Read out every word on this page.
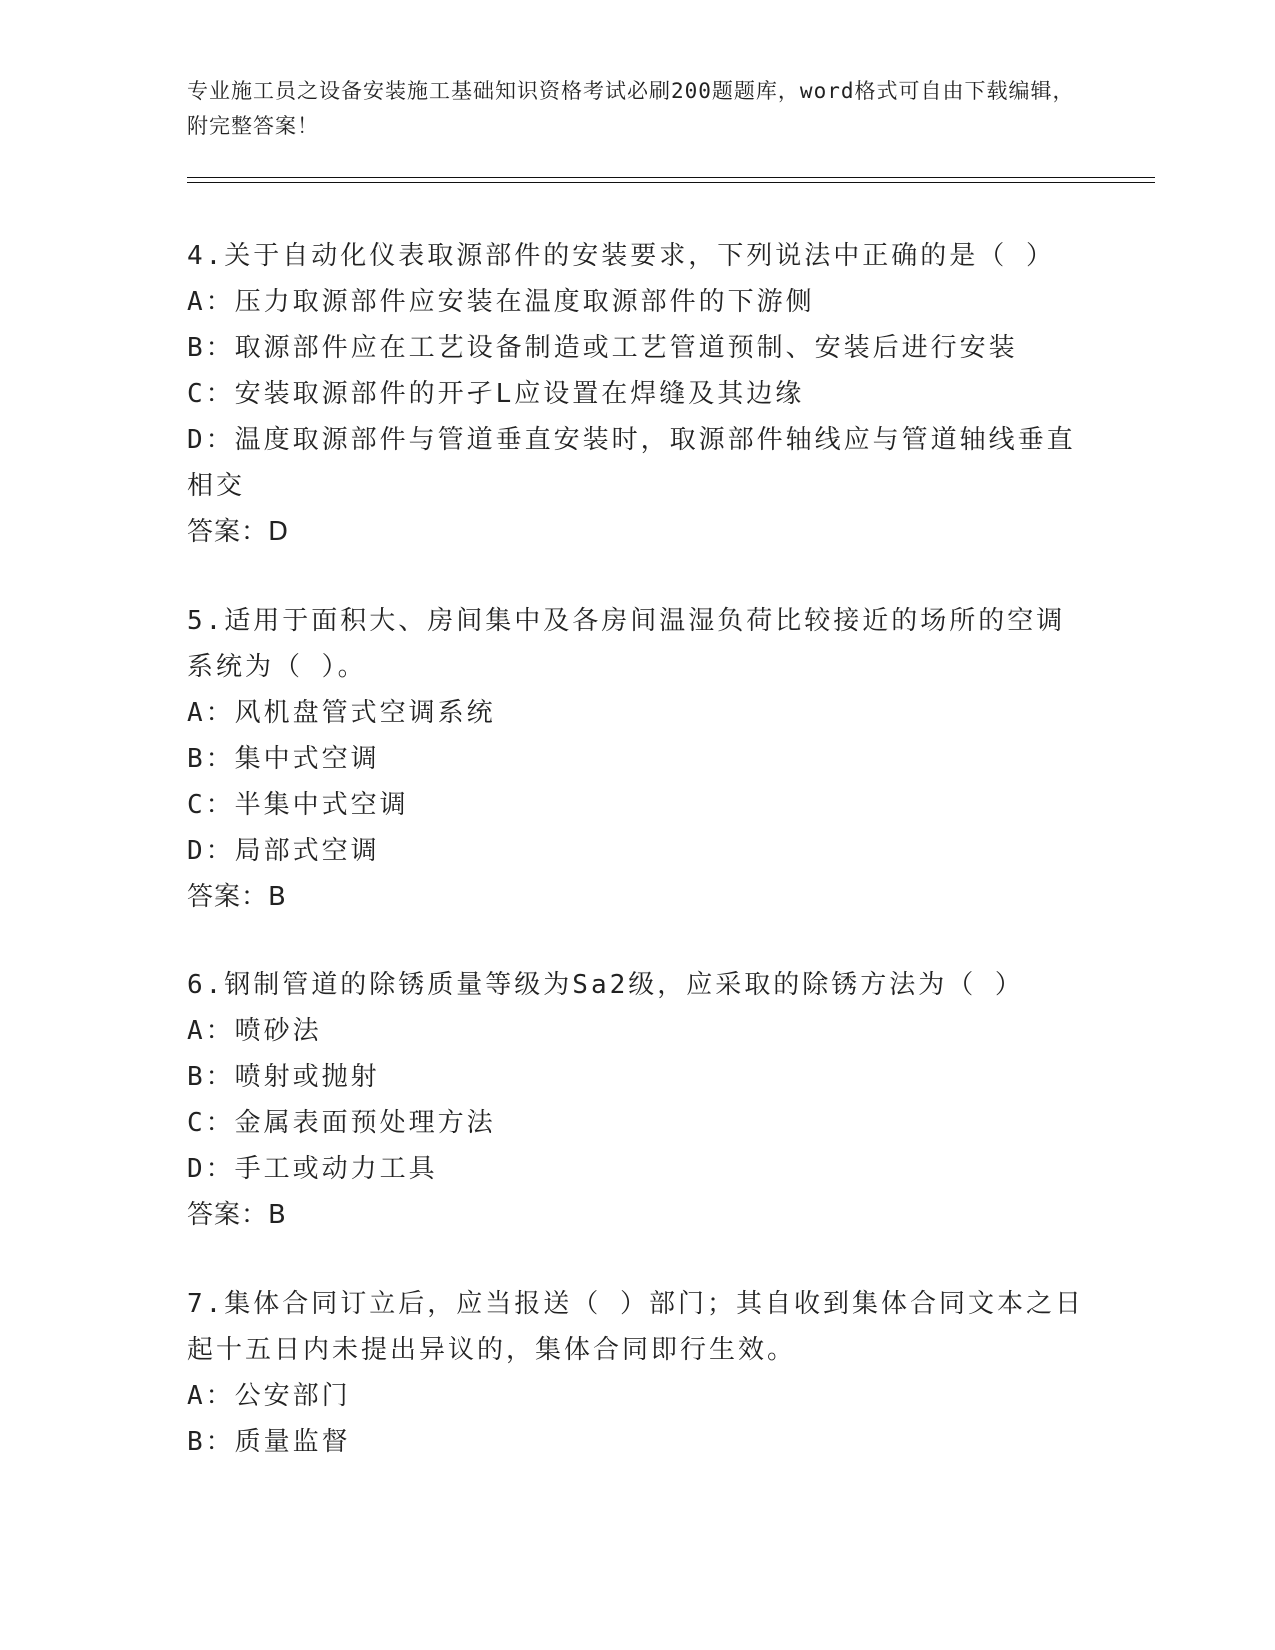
专业施工员之设备安装施工基础知识资格考试必刷200题题库，word格式可自由下载编辑，附完整答案！
4.关于自动化仪表取源部件的安装要求，下列说法中正确的是（ ）
A：压力取源部件应安装在温度取源部件的下游侧
B：取源部件应在工艺设备制造或工艺管道预制、安装后进行安装
C：安装取源部件的开孑L应设置在焊缝及其边缘
D：温度取源部件与管道垂直安装时，取源部件轴线应与管道轴线垂直相交
答案：D
5.适用于面积大、房间集中及各房间温湿负荷比较接近的场所的空调系统为（ ）。
A：风机盘管式空调系统
B：集中式空调
C：半集中式空调
D：局部式空调
答案：B
6.钢制管道的除锈质量等级为Sa2级，应采取的除锈方法为（ ）
A：喷砂法
B：喷射或抛射
C：金属表面预处理方法
D：手工或动力工具
答案：B
7.集体合同订立后，应当报送（ ）部门；其自收到集体合同文本之日起十五日内未提出异议的，集体合同即行生效。
A：公安部门
B：质量监督
